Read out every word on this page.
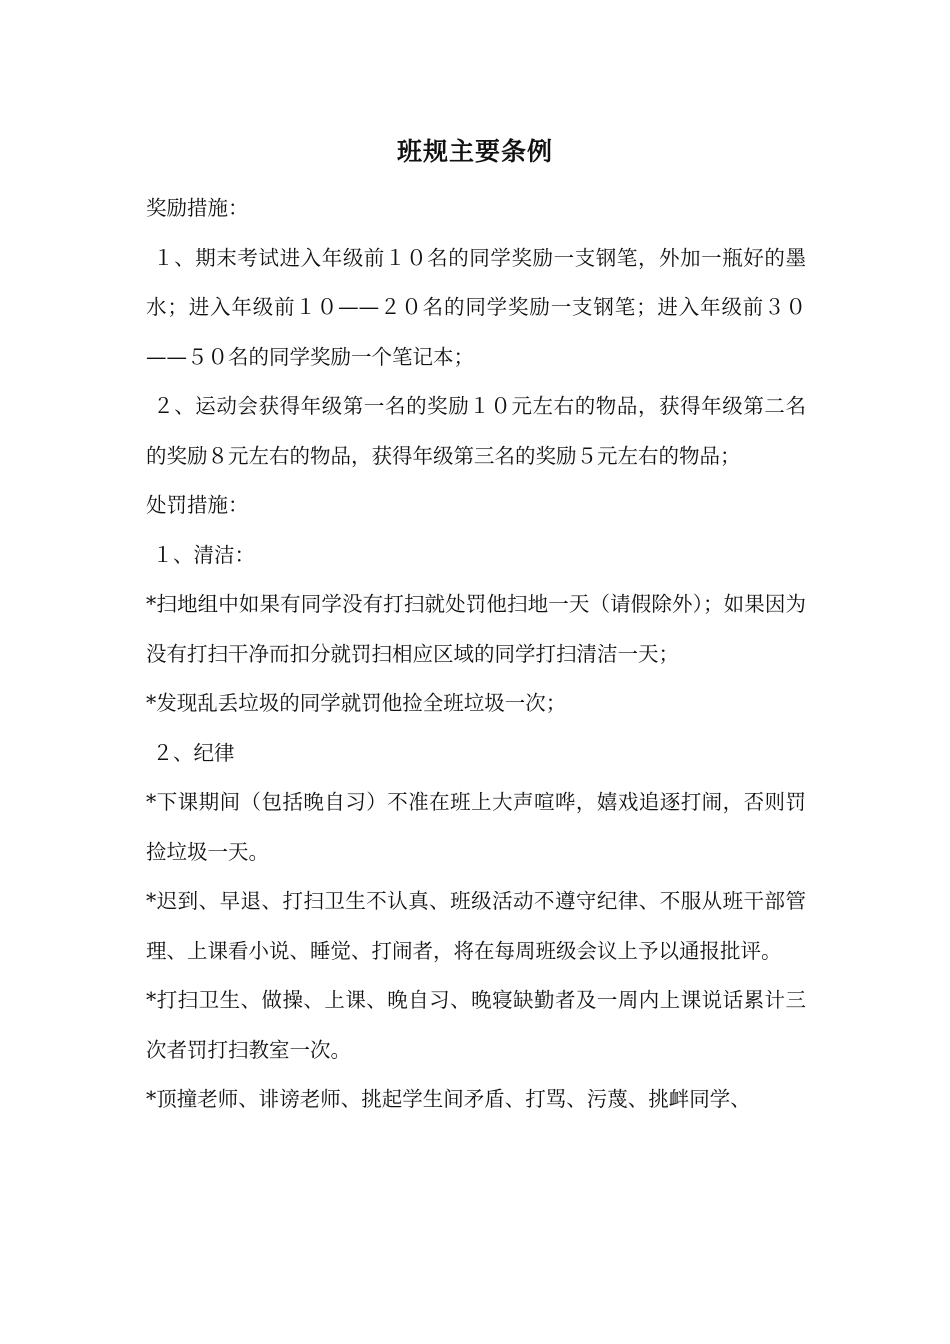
班规主要条例

奖励措施：

１、期末考试进入年级前１０名的同学奖励一支钢笔，外加一瓶好的墨水；进入年级前１０——２０名的同学奖励一支钢笔；进入年级前３０——５０名的同学奖励一个笔记本；

２、运动会获得年级第一名的奖励１０元左右的物品，获得年级第二名的奖励８元左右的物品，获得年级第三名的奖励５元左右的物品；

处罚措施：

１、清洁：

*扫地组中如果有同学没有打扫就处罚他扫地一天（请假除外）；如果因为没有打扫干净而扣分就罚扫相应区域的同学打扫清洁一天；

*发现乱丢垃圾的同学就罚他捡全班垃圾一次；

２、纪律

*下课期间（包括晚自习）不准在班上大声喧哗，嬉戏追逐打闹，否则罚捡垃圾一天。

*迟到、早退、打扫卫生不认真、班级活动不遵守纪律、不服从班干部管理、上课看小说、睡觉、打闹者，将在每周班级会议上予以通报批评。

*打扫卫生、做操、上课、晚自习、晚寝缺勤者及一周内上课说话累计三次者罚打扫教室一次。

*顶撞老师、诽谤老师、挑起学生间矛盾、打骂、污蔑、挑衅同学、
